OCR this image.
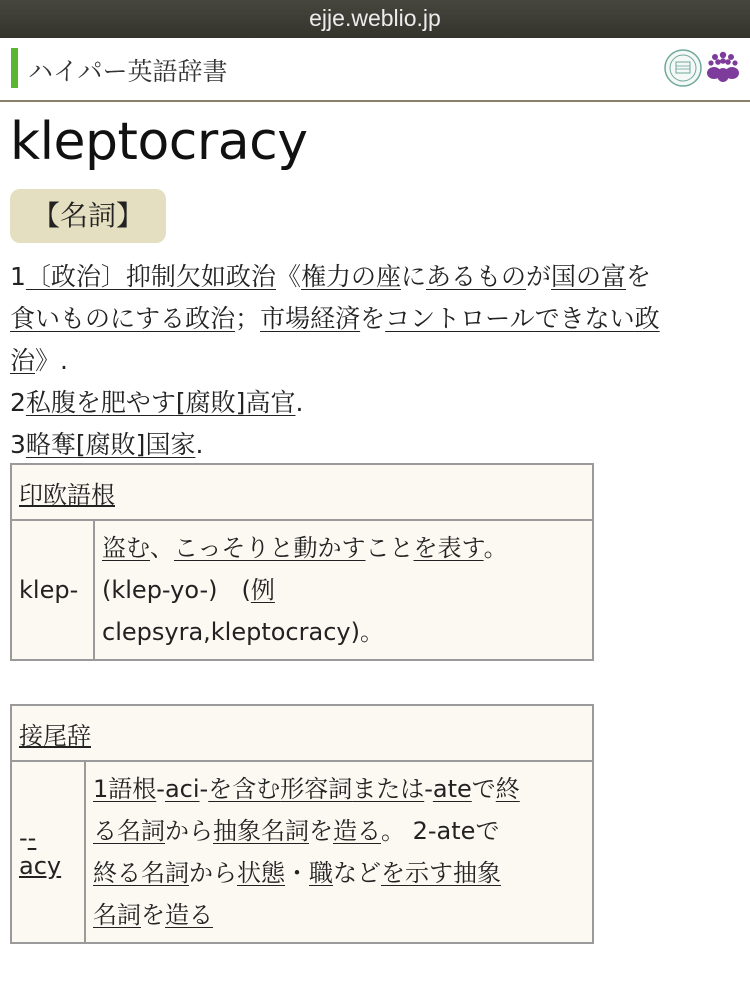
ejje.weblio.jp
ハイパー英語辞書
kleptocracy
【名詞】
1〔政治〕抑制欠如政治《権力の座にあるものが国の富を
食いものにする政治；市場経済をコントロールできない政
治》.
2私腹を肥やす[腐敗]高官.
3略奪[腐敗]国家.
印欧語根
klep-	
盗む、こっそりと動かすことを表す。
(klep-yo-)　(例
clepsyra,kleptocracy)。
接尾辞
--acy	
1語根-aci-を含む形容詞または-ateで終
る名詞から抽象名詞を造る。 2-ateで
終る名詞から状態・職などを示す抽象
名詞を造る
